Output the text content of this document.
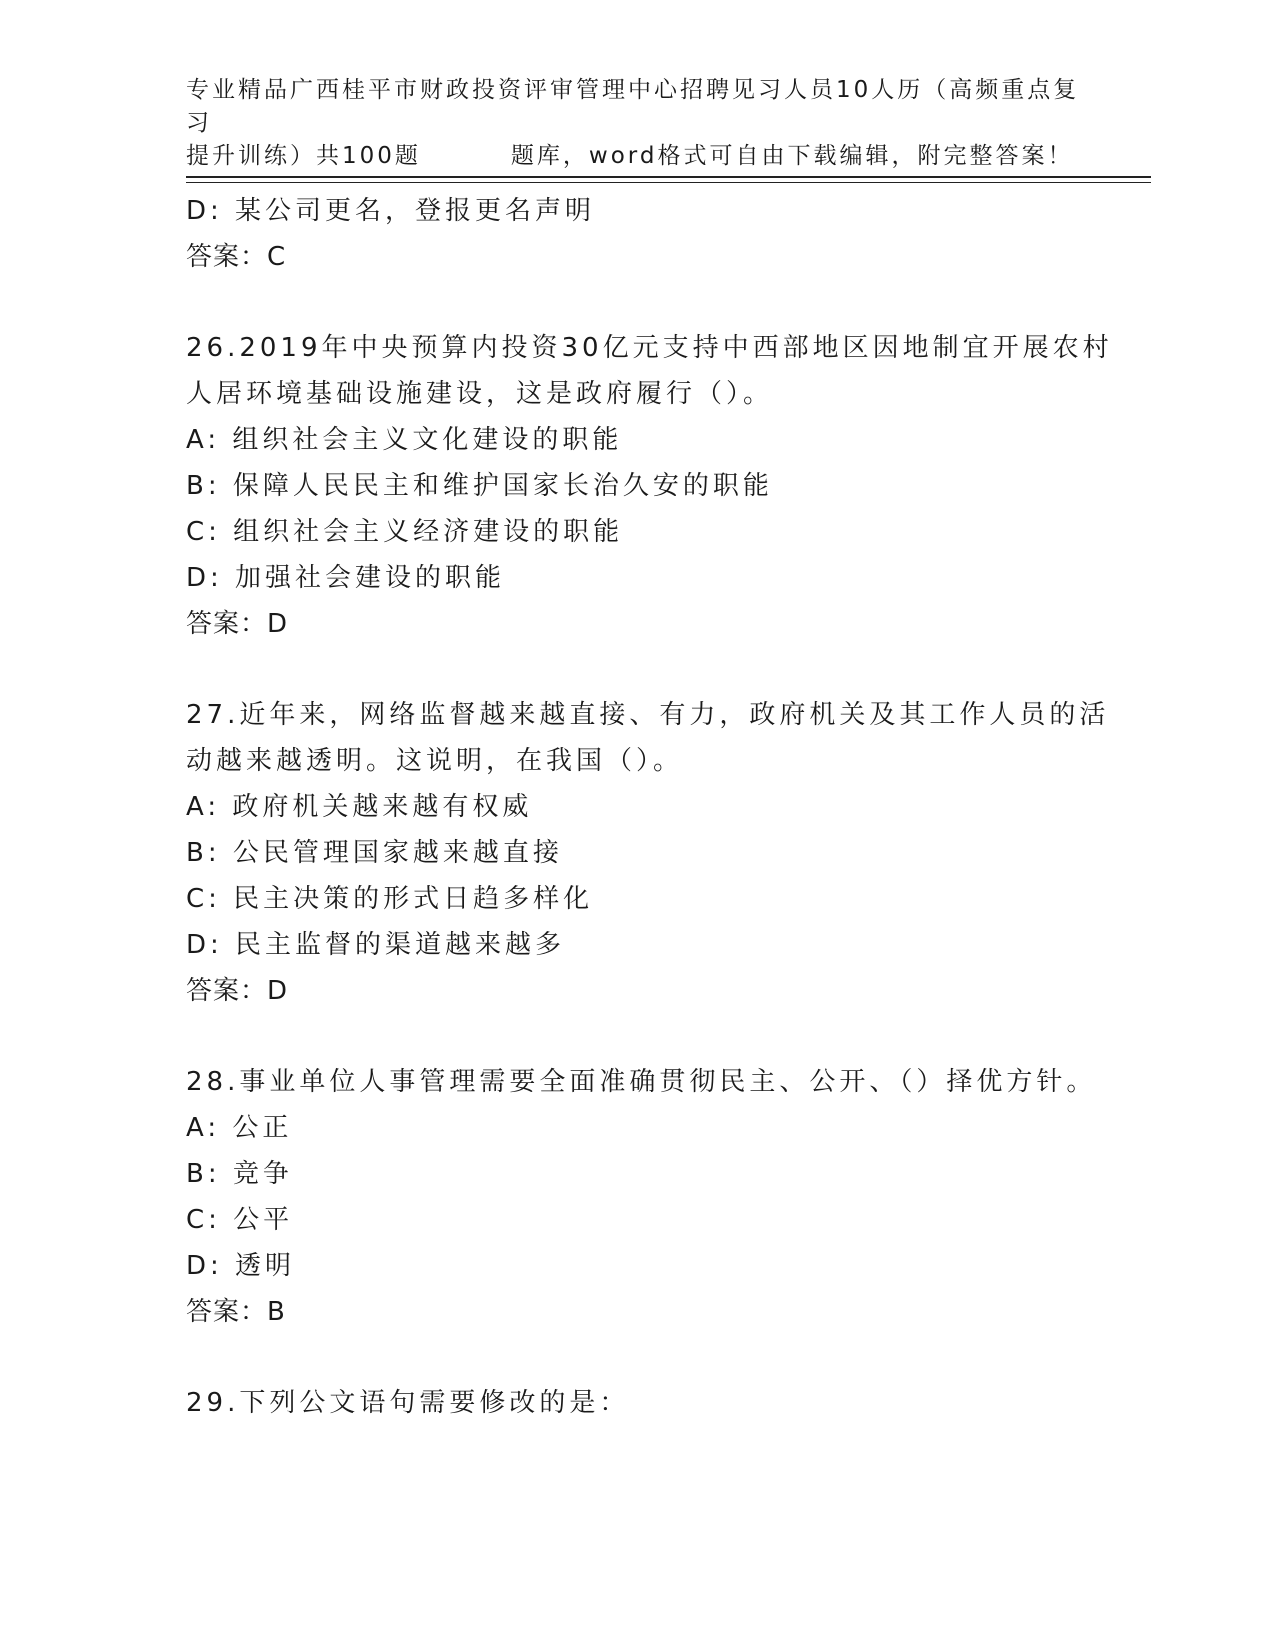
专业精品广西桂平市财政投资评审管理中心招聘见习人员10人历（高频重点复习
提升训练）共100题	题库，word格式可自由下载编辑，附完整答案！
D: 某公司更名，登报更名声明
答案：C
26.2019年中央预算内投资30亿元支持中西部地区因地制宜开展农村
人居环境基础设施建设，这是政府履行（）。
A: 组织社会主义文化建设的职能
B: 保障人民民主和维护国家长治久安的职能
C: 组织社会主义经济建设的职能
D: 加强社会建设的职能
答案：D
27.近年来，网络监督越来越直接、有力，政府机关及其工作人员的活
动越来越透明。这说明，在我国（）。
A: 政府机关越来越有权威
B: 公民管理国家越来越直接
C: 民主决策的形式日趋多样化
D: 民主监督的渠道越来越多
答案：D
28.事业单位人事管理需要全面准确贯彻民主、公开、（）择优方针。
A: 公正
B: 竞争
C: 公平
D: 透明
答案：B
29.下列公文语句需要修改的是：
